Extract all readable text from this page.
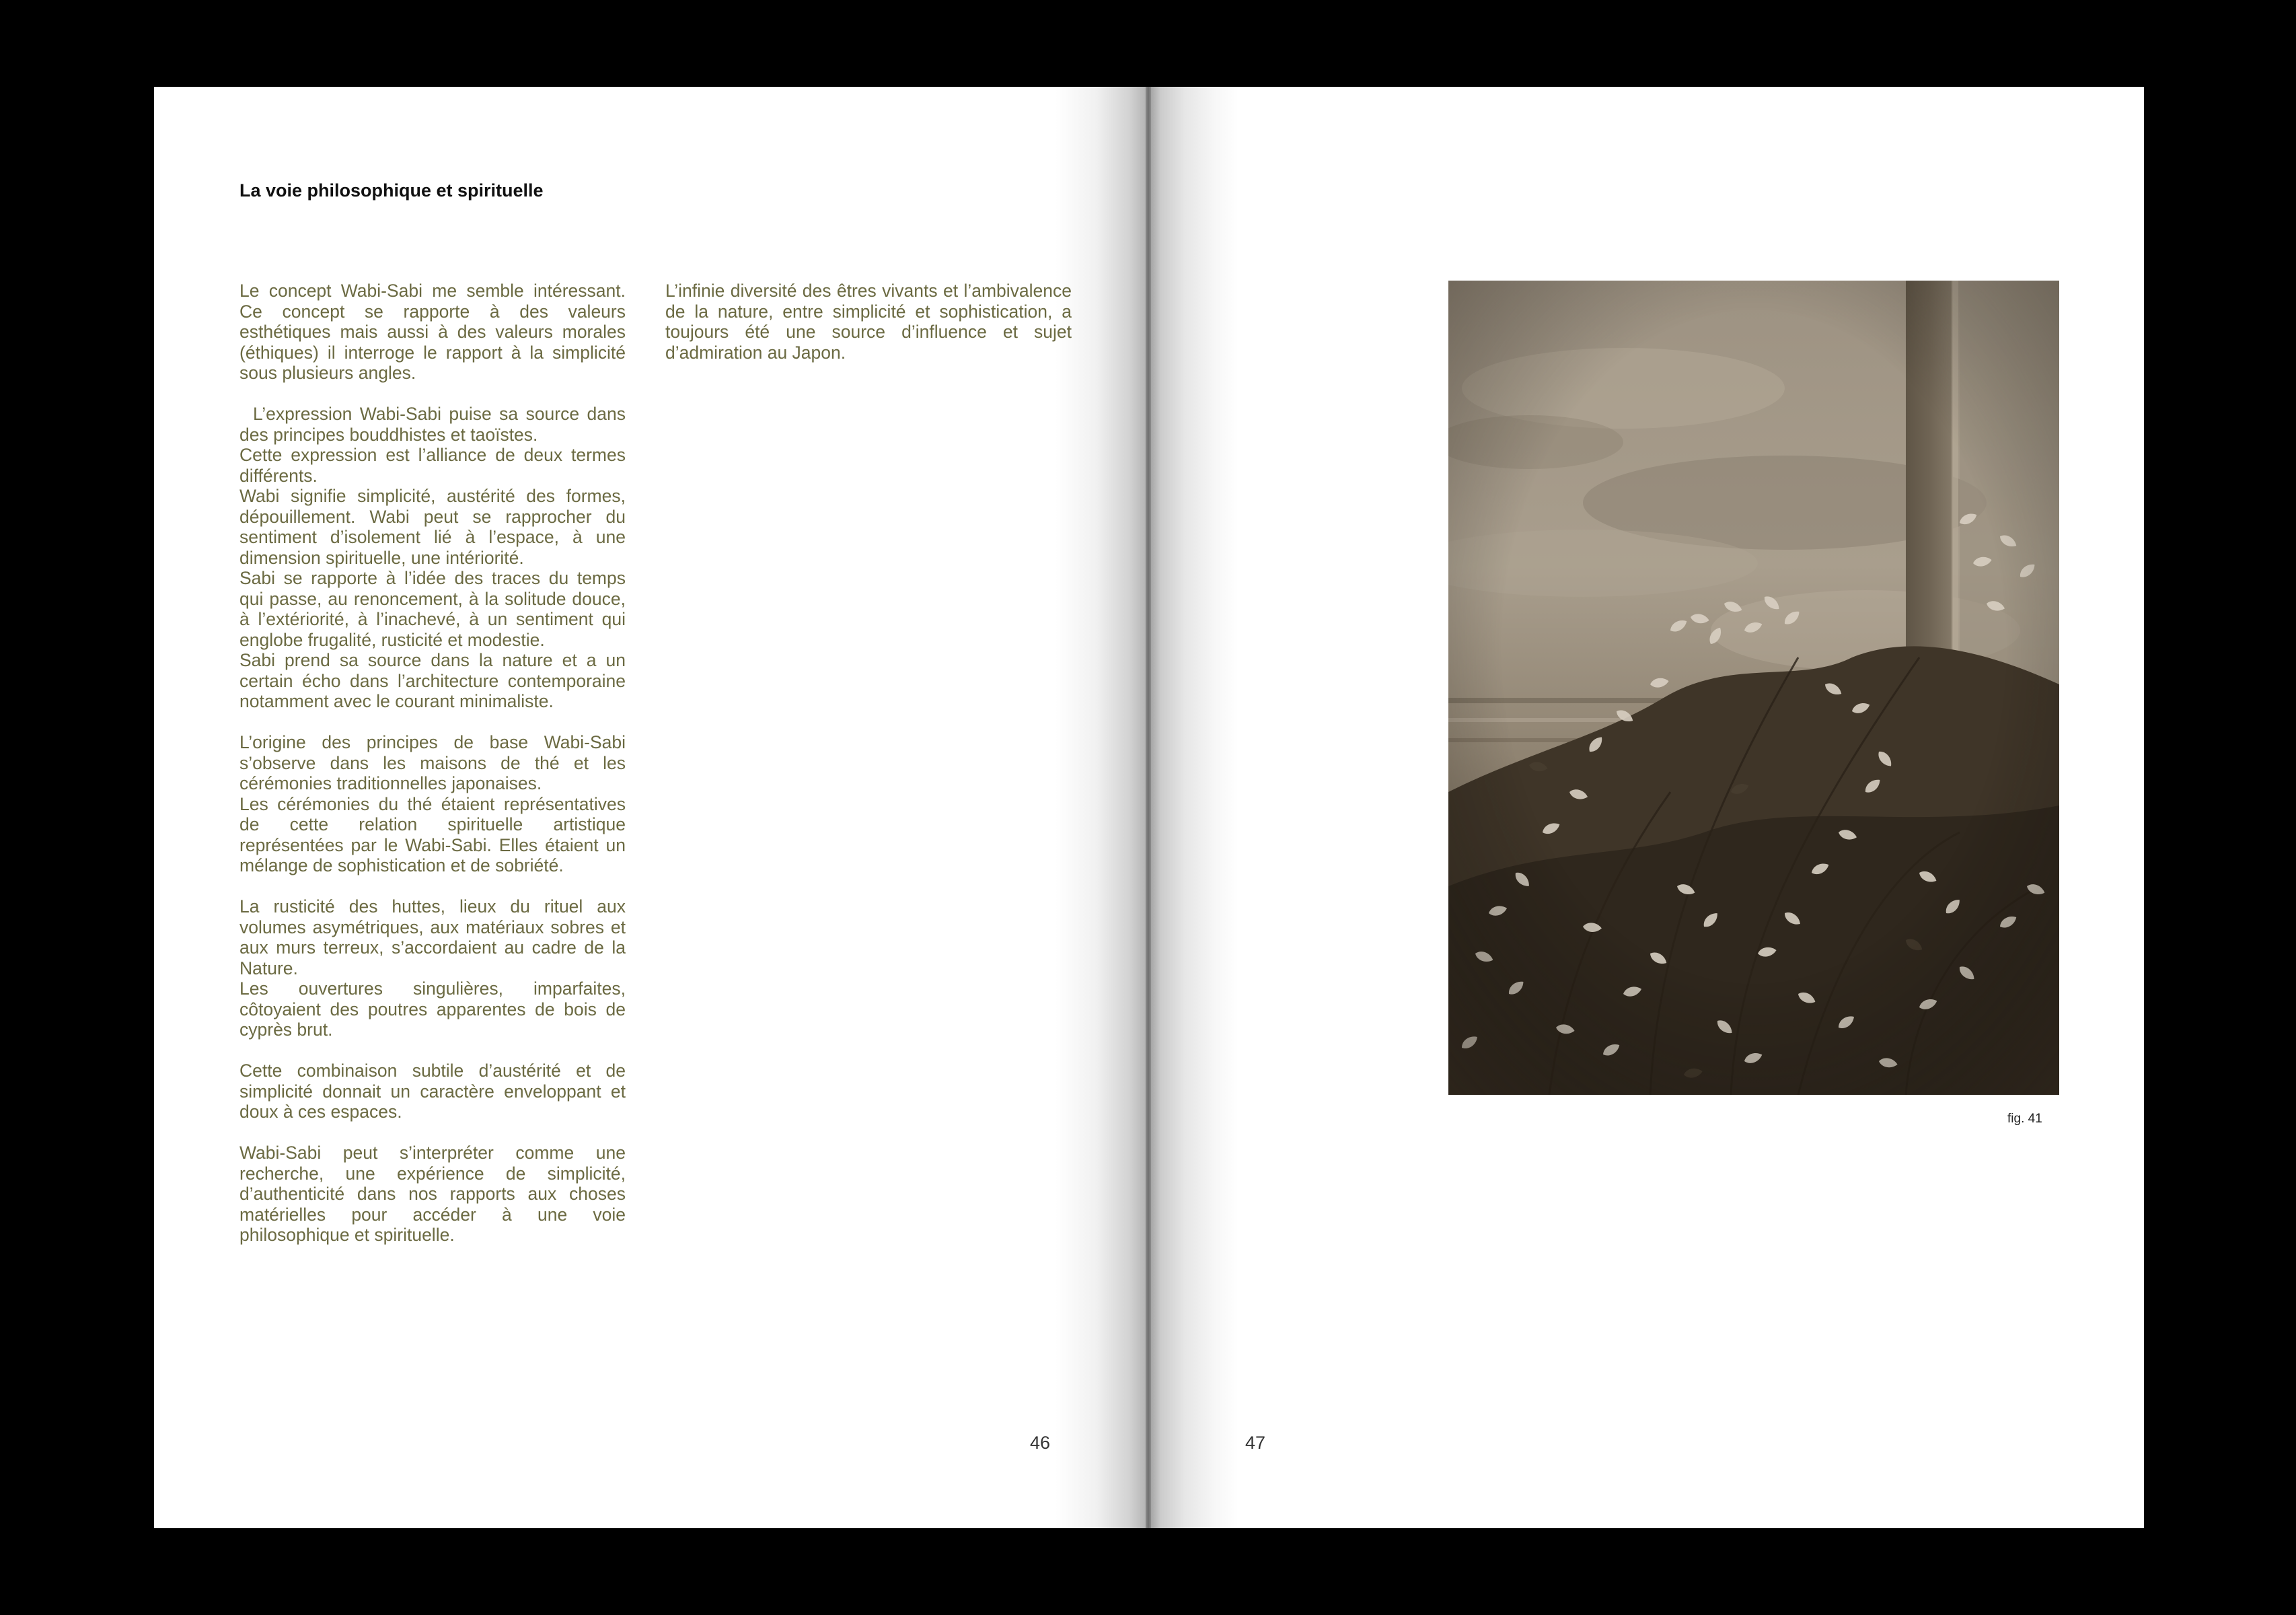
La voie philosophique et spirituelle

Le concept Wabi-Sabi me semble intéressant. Ce concept se rapporte à des valeurs esthétiques mais aussi à des valeurs morales (éthiques) il interroge le rapport à la simplicité sous plusieurs angles.

L’expression Wabi-Sabi puise sa source dans des principes bouddhistes et taoïstes.

Cette expression est l’alliance de deux termes différents.

Wabi signifie simplicité, austérité des formes, dépouillement. Wabi peut se rapprocher du sentiment d’isolement lié à l’espace, à une dimension spirituelle, une intériorité.

Sabi se rapporte à l’idée des traces du temps qui passe, au renoncement, à la solitude douce, à l’extériorité, à l’inachevé, à un sentiment qui englobe frugalité, rusticité et modestie.

Sabi prend sa source dans la nature et a un certain écho dans l’architecture contemporaine notamment avec le courant minimaliste.

L’origine des principes de base Wabi-Sabi s’observe dans les maisons de thé et les cérémonies traditionnelles japonaises.

Les cérémonies du thé étaient représentatives de cette relation spirituelle artistique représentées par le Wabi-Sabi. Elles étaient un mélange de sophistication et de sobriété.

La rusticité des huttes, lieux du rituel aux volumes asymétriques, aux matériaux sobres et aux murs terreux, s’accordaient au cadre de la Nature.

Les ouvertures singulières, imparfaites, côtoyaient des poutres apparentes de bois de cyprès brut.

Cette combinaison subtile d’austérité et de simplicité donnait un caractère enveloppant et doux à ces espaces.

Wabi-Sabi peut s’interpréter comme une recherche, une expérience de simplicité, d’authenticité dans nos rapports aux choses matérielles pour accéder à une voie philosophique et spirituelle.

L’infinie diversité des êtres vivants et l’ambivalence de la nature, entre simplicité et sophistication, a toujours été une source d’influence et sujet d’admiration au Japon.

46	47
fig. 41
